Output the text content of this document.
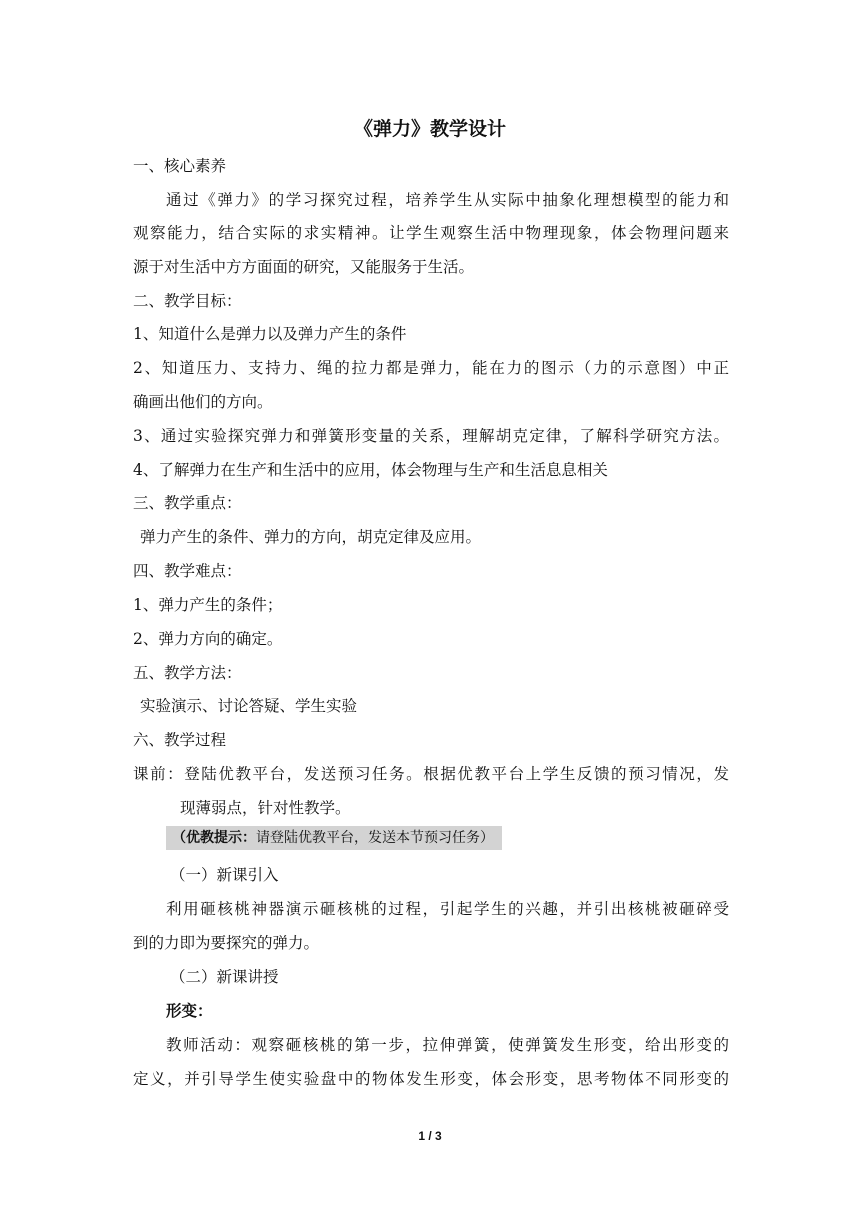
《弹力》教学设计
一、核心素养
通过《弹力》的学习探究过程，培养学生从实际中抽象化理想模型的能力和
观察能力，结合实际的求实精神。让学生观察生活中物理现象，体会物理问题来
源于对生活中方方面面的研究，又能服务于生活。
二、教学目标：
1、知道什么是弹力以及弹力产生的条件
2、知道压力、支持力、绳的拉力都是弹力，能在力的图示（力的示意图）中正
确画出他们的方向。
3、通过实验探究弹力和弹簧形变量的关系，理解胡克定律，了解科学研究方法。
4、了解弹力在生产和生活中的应用，体会物理与生产和生活息息相关
三、教学重点：
弹力产生的条件、弹力的方向，胡克定律及应用。
四、教学难点：
1、弹力产生的条件；
2、弹力方向的确定。
五、教学方法：
实验演示、讨论答疑、学生实验
六、教学过程
课前：登陆优教平台，发送预习任务。根据优教平台上学生反馈的预习情况，发
现薄弱点，针对性教学。
（优教提示：请登陆优教平台，发送本节预习任务）
（一）新课引入
利用砸核桃神器演示砸核桃的过程，引起学生的兴趣，并引出核桃被砸碎受
到的力即为要探究的弹力。
（二）新课讲授
形变：
教师活动：观察砸核桃的第一步，拉伸弹簧，使弹簧发生形变，给出形变的
定义，并引导学生使实验盘中的物体发生形变，体会形变，思考物体不同形变的
1 / 3
